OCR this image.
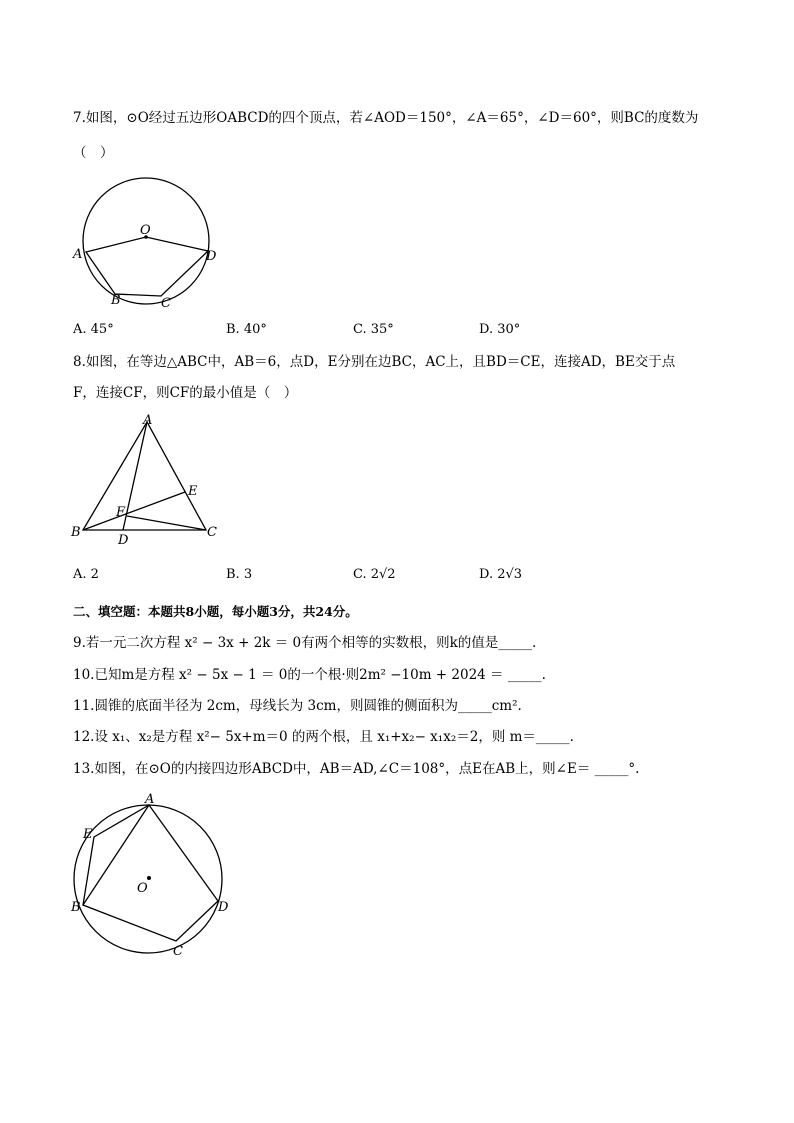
7.如图，⊙O经过五边形OABCD的四个顶点，若∠AOD＝150°，∠A＝65°，∠D＝60°，则BC的度数为
（　）
O
A
B	C
D
A. 45°	B. 40°	C. 35°	D. 30°
8.如图，在等边△ABC中，AB＝6，点D，E分别在边BC，AC上，且BD＝CE，连接AD，BE交于点
F，连接CF，则CF的最小值是（　）
A
B	C
D
E
F
A. 2	B. 3	C. 2√2	D. 2√3
二、填空题：本题共8小题，每小题3分，共24分。
9.若一元二次方程 x² − 3x + 2k ＝ 0有两个相等的实数根，则k的值是_____.
10.已知m是方程 x² − 5x − 1 ＝ 0的一个根·则2m² −10m + 2024 ＝ _____.
11.圆锥的底面半径为 2cm，母线长为 3cm，则圆锥的侧面积为_____cm².
12.设 x₁、x₂是方程 x²− 5x+m＝0 的两个根，且 x₁+x₂− x₁x₂＝2，则 m＝_____.
13.如图，在⊙O的内接四边形ABCD中，AB＝AD,∠C＝108°，点E在AB上，则∠E＝ _____°.
A
E
O
B
C
D
